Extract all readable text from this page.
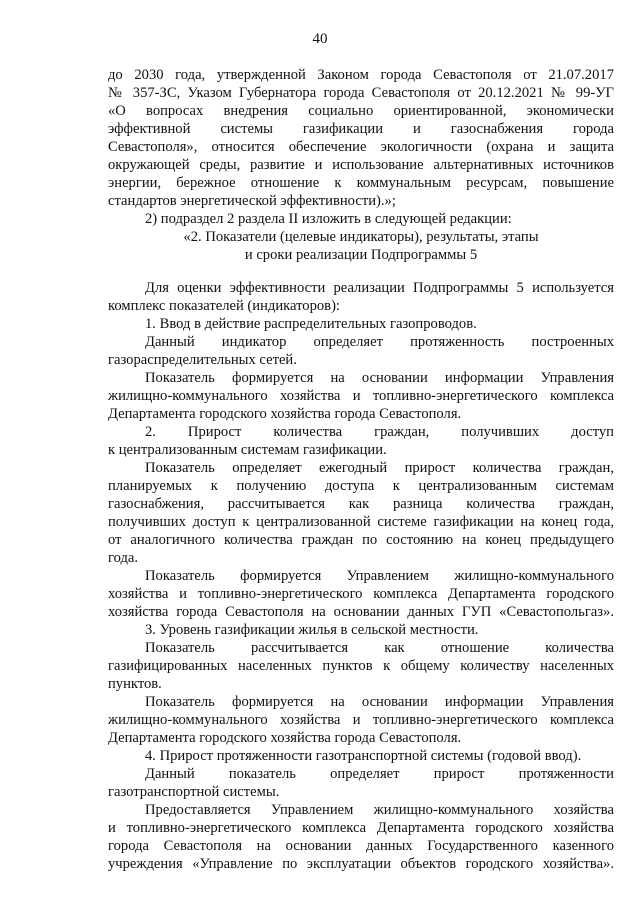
40
до 2030 года, утвержденной Законом города Севастополя от 21.07.2017
№ 357-ЗС, Указом Губернатора города Севастополя от 20.12.2021 № 99-УГ
«О вопросах внедрения социально ориентированной, экономически
эффективной системы газификации и газоснабжения города
Севастополя», относится обеспечение экологичности (охрана и защита
окружающей среды, развитие и использование альтернативных источников
энергии, бережное отношение к коммунальным ресурсам, повышение
стандартов энергетической эффективности).»;
2) подраздел 2 раздела II изложить в следующей редакции:
«2. Показатели (целевые индикаторы), результаты, этапы
и сроки реализации Подпрограммы 5
Для оценки эффективности реализации Подпрограммы 5 используется
комплекс показателей (индикаторов):
1. Ввод в действие распределительных газопроводов.
Данный индикатор определяет протяженность построенных
газораспределительных сетей.
Показатель формируется на основании информации Управления
жилищно-коммунального хозяйства и топливно-энергетического комплекса
Департамента городского хозяйства города Севастополя.
2. Прирост количества граждан, получивших доступ
к централизованным системам газификации.
Показатель определяет ежегодный прирост количества граждан,
планируемых к получению доступа к централизованным системам
газоснабжения, рассчитывается как разница количества граждан,
получивших доступ к централизованной системе газификации на конец года,
от аналогичного количества граждан по состоянию на конец предыдущего
года.
Показатель формируется Управлением жилищно-коммунального
хозяйства и топливно-энергетического комплекса Департамента городского
хозяйства города Севастополя на основании данных ГУП «Севастопольгаз».
3. Уровень газификации жилья в сельской местности.
Показатель рассчитывается как отношение количества
газифицированных населенных пунктов к общему количеству населенных
пунктов.
Показатель формируется на основании информации Управления
жилищно-коммунального хозяйства и топливно-энергетического комплекса
Департамента городского хозяйства города Севастополя.
4. Прирост протяженности газотранспортной системы (годовой ввод).
Данный показатель определяет прирост протяженности
газотранспортной системы.
Предоставляется Управлением жилищно-коммунального хозяйства
и топливно-энергетического комплекса Департамента городского хозяйства
города Севастополя на основании данных Государственного казенного
учреждения «Управление по эксплуатации объектов городского хозяйства».
